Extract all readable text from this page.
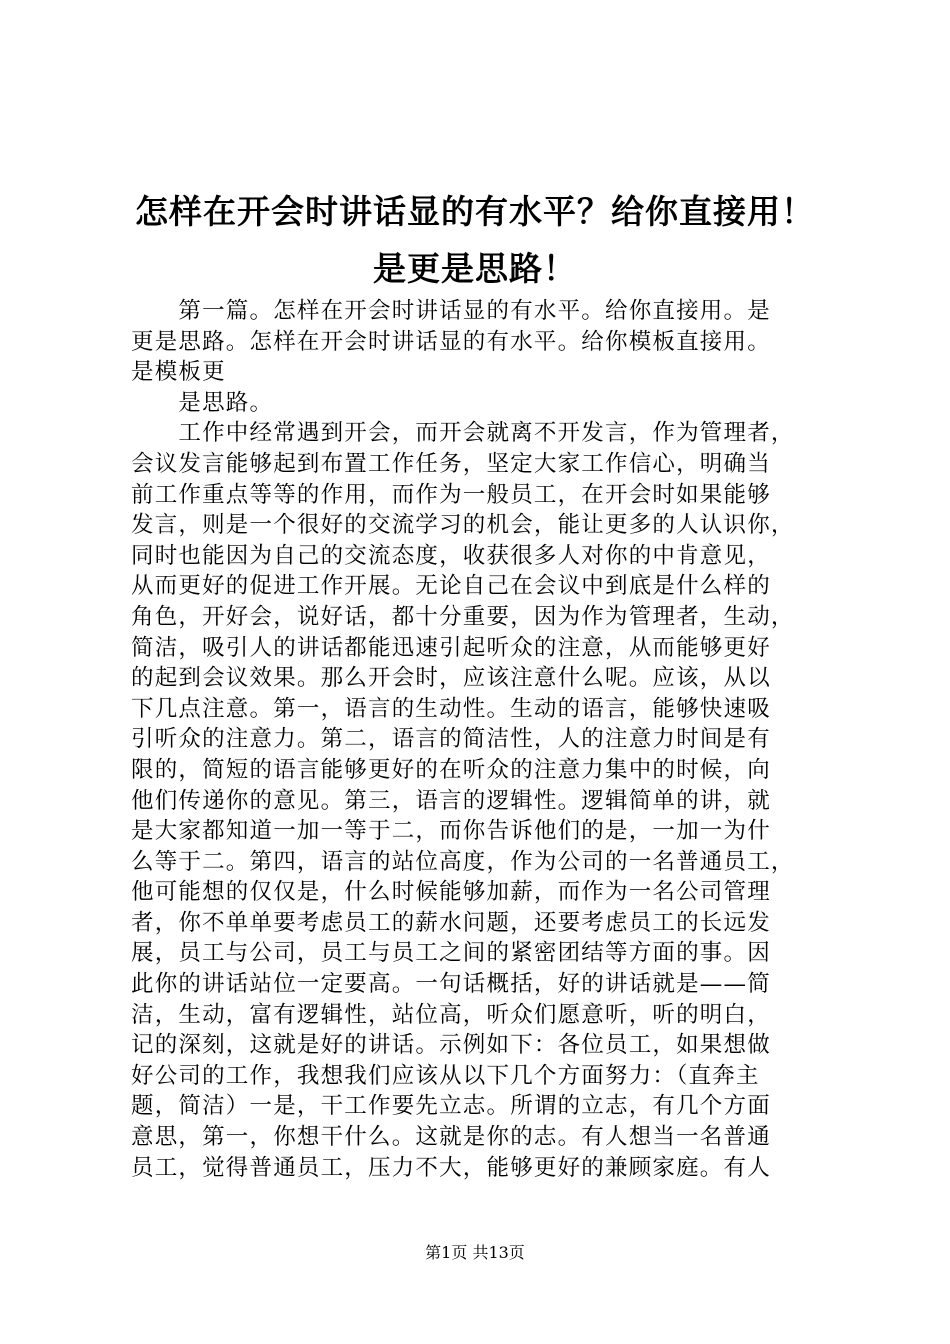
怎样在开会时讲话显的有水平？给你直接用！
是更是思路！

　　第一篇。怎样在开会时讲话显的有水平。给你直接用。是

更是思路。怎样在开会时讲话显的有水平。给你模板直接用。

是模板更

　　是思路。

　　工作中经常遇到开会，而开会就离不开发言，作为管理者，

会议发言能够起到布置工作任务，坚定大家工作信心，明确当

前工作重点等等的作用，而作为一般员工，在开会时如果能够

发言，则是一个很好的交流学习的机会，能让更多的人认识你，

同时也能因为自己的交流态度，收获很多人对你的中肯意见，

从而更好的促进工作开展。无论自己在会议中到底是什么样的

角色，开好会，说好话，都十分重要，因为作为管理者，生动，

简洁，吸引人的讲话都能迅速引起听众的注意，从而能够更好

的起到会议效果。那么开会时，应该注意什么呢。应该，从以

下几点注意。第一，语言的生动性。生动的语言，能够快速吸

引听众的注意力。第二，语言的简洁性，人的注意力时间是有

限的，简短的语言能够更好的在听众的注意力集中的时候，向

他们传递你的意见。第三，语言的逻辑性。逻辑简单的讲，就

是大家都知道一加一等于二，而你告诉他们的是，一加一为什

么等于二。第四，语言的站位高度，作为公司的一名普通员工，

他可能想的仅仅是，什么时候能够加薪，而作为一名公司管理

者，你不单单要考虑员工的薪水问题，还要考虑员工的长远发

展，员工与公司，员工与员工之间的紧密团结等方面的事。因

此你的讲话站位一定要高。一句话概括，好的讲话就是——简

洁，生动，富有逻辑性，站位高，听众们愿意听，听的明白，

记的深刻，这就是好的讲话。示例如下：各位员工，如果想做

好公司的工作，我想我们应该从以下几个方面努力：（直奔主

题，简洁）一是，干工作要先立志。所谓的立志，有几个方面

意思，第一，你想干什么。这就是你的志。有人想当一名普通

员工，觉得普通员工，压力不大，能够更好的兼顾家庭。有人

第1页 共13页
